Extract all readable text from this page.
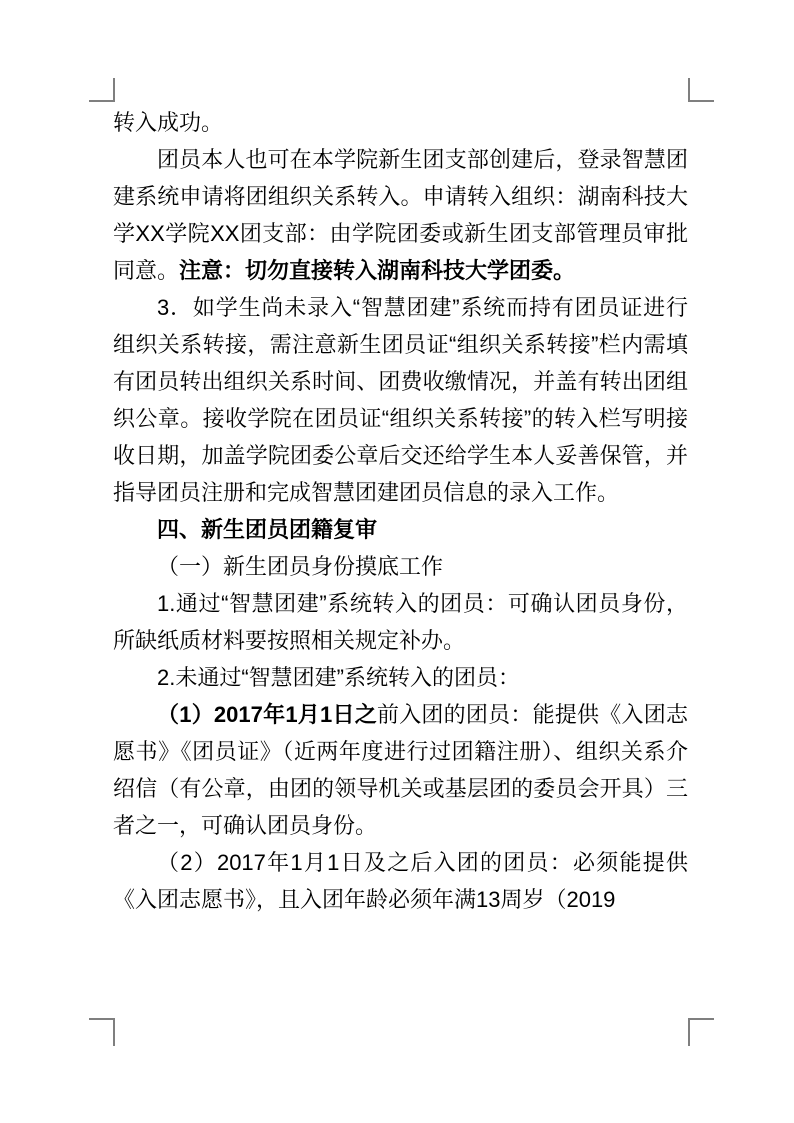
转入成功。

团员本人也可在本学院新生团支部创建后，登录智慧团建系统申请将团组织关系转入。申请转入组织：湖南科技大学XX学院XX团支部：由学院团委或新生团支部管理员审批同意。注意：切勿直接转入湖南科技大学团委。

3．如学生尚未录入“智慧团建”系统而持有团员证进行组织关系转接，需注意新生团员证“组织关系转接”栏内需填有团员转出组织关系时间、团费收缴情况，并盖有转出团组织公章。接收学院在团员证“组织关系转接”的转入栏写明接收日期，加盖学院团委公章后交还给学生本人妥善保管，并指导团员注册和完成智慧团建团员信息的录入工作。

四、新生团员团籍复审

（一）新生团员身份摸底工作

1.通过“智慧团建”系统转入的团员：可确认团员身份，所缺纸质材料要按照相关规定补办。

2.未通过“智慧团建”系统转入的团员：

（1）2017年1月1日之前入团的团员：能提供《入团志愿书》《团员证》（近两年度进行过团籍注册）、组织关系介绍信（有公章，由团的领导机关或基层团的委员会开具）三者之一，可确认团员身份。

（2）2017年1月1日及之后入团的团员：必须能提供《入团志愿书》，且入团年龄必须年满13周岁（2019
